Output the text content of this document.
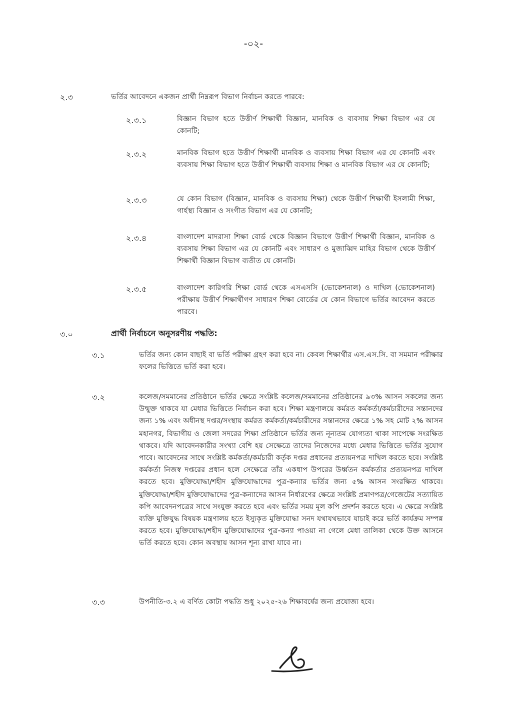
-০২-
২.৩	ভর্তির আবেদনে একজন প্রার্থী নিম্নরূপ বিভাগ নির্বাচন করতে পারবে:
২.৩.১	বিজ্ঞান বিভাগ হতে উত্তীর্ণ শিক্ষার্থী বিজ্ঞান, মানবিক ও ব্যবসায় শিক্ষা বিভাগ এর যে কোনটি;
২.৩.২	মানবিক বিভাগ হতে উত্তীর্ণ শিক্ষার্থী মানবিক ও ব্যবসায় শিক্ষা বিভাগ এর যে কোনটি এবং ব্যবসায় শিক্ষা বিভাগ হতে উত্তীর্ণ শিক্ষার্থী ব্যবসায় শিক্ষা ও মানবিক বিভাগ এর যে কোনটি;
২.৩.৩	যে কোন বিভাগ (বিজ্ঞান, মানবিক ও ব্যবসায় শিক্ষা) থেকে উত্তীর্ণ শিক্ষার্থী ইসলামী শিক্ষা, গার্হস্থ্য বিজ্ঞান ও সংগীত বিভাগ এর যে কোনটি;
২.৩.৪	বাংলাদেশ মাদরাসা শিক্ষা বোর্ড থেকে বিজ্ঞান বিভাগে উত্তীর্ণ শিক্ষার্থী বিজ্ঞান, মানবিক ও ব্যবসায় শিক্ষা বিভাগ এর যে কোনটি এবং সাধারণ ও মুজাব্বিদ মাহির বিভাগ থেকে উত্তীর্ণ শিক্ষার্থী বিজ্ঞান বিভাগ ব্যতীত যে কোনটি।
২.৩.৫	বাংলাদেশ কারিগরি শিক্ষা বোর্ড থেকে এসএসসি (ভোকেশনাল) ও দাখিল (ভোকেশনাল) পরীক্ষায় উত্তীর্ণ শিক্ষার্থীগণ সাধারণ শিক্ষা বোর্ডের যে কোন বিভাগে ভর্তির আবেদন করতে পারবে।
৩.০	প্রার্থী নির্বাচনে অনুসরণীয় পদ্ধতি:
৩.১	ভর্তির জন্য কোন বাছাই বা ভর্তি পরীক্ষা গ্রহণ করা হবে না। কেবল শিক্ষার্থীর এস.এস.সি. বা সমমান পরীক্ষার ফলের ভিত্তিতে ভর্তি করা হবে।
৩.২	কলেজ/সমমানের প্রতিষ্ঠানে ভর্তির ক্ষেত্রে সংশ্লিষ্ট কলেজ/সমমানের প্রতিষ্ঠানের ৯৩% আসন সকলের জন্য উন্মুক্ত থাকবে যা মেধার ভিত্তিতে নির্বাচন করা হবে। শিক্ষা মন্ত্রণালয়ে কর্মরত কর্মকর্তা/কর্মচারীদের সন্তানদের জন্য ১% এবং অধীনস্থ দপ্তর/সংস্থায় কর্মরত কর্মকর্তা/কর্মচারীদের সন্তানদের ক্ষেত্রে ১% সহ মোট ২% আসন মহানগর, বিভাগীয় ও জেলা সদরের শিক্ষা প্রতিষ্ঠানে ভর্তির জন্য নূন্যতম যোগ্যতা থাকা সাপেক্ষে সংরক্ষিত থাকবে। যদি আবেদনকারীর সংখ্যা বেশি হয় সেক্ষেত্রে তাদের নিজেদের মধ্যে মেধার ভিত্তিতে ভর্তির সুযোগ পাবে। আবেদনের সাথে সংশ্লিষ্ট কর্মকর্তা/কর্মচারী কর্তৃক দপ্তর প্রধানের প্রত্যয়নপত্র দাখিল করতে হবে। সংশ্লিষ্ট কর্মকর্তা নিজস্ব দপ্তরের প্রধান হলে সেক্ষেত্রে তাঁর একধাপ উপরের উর্ধ্বতন কর্মকর্তার প্রত্যয়নপত্র দাখিল করতে হবে। মুক্তিযোদ্ধা/শহীদ মুক্তিযোদ্ধাদের পুত্র-কন্যার ভর্তির জন্য ৫% আসন সংরক্ষিত থাকবে। মুক্তিযোদ্ধা/শহীদ মুক্তিযোদ্ধাদের পুত্র-কন্যাদের আসন নির্ধারণের ক্ষেত্রে সংশ্লিষ্ট প্রমাণপত্র/গেজেটের সত্যায়িত কপি আবেদনপত্রের সাথে সংযুক্ত করতে হবে এবং ভর্তির সময় মূল কপি প্রদর্শন করতে হবে। এ ক্ষেত্রে সংশ্লিষ্ট ব্যক্তি মুক্তিযুদ্ধ বিষয়ক মন্ত্রণালয় হতে ইস্যুকৃত মুক্তিযোদ্ধা সনদ যথাযথভাবে যাচাই করে ভর্তি কার্যক্রম সম্পন্ন করতে হবে। মুক্তিযোদ্ধা/শহীদ মুক্তিযোদ্ধাদের পুত্র-কন্যা পাওয়া না গেলে মেধা তালিকা থেকে উক্ত আসনে ভর্তি করতে হবে। কোন অবস্থায় আসন শূন্য রাখা যাবে না।
৩.৩	উপনীতি-৩.২ এ বর্ণিত কোটা পদ্ধতি শুধু ২০২৫-২৬ শিক্ষাবর্ষের জন্য প্রযোজ্য হবে।
